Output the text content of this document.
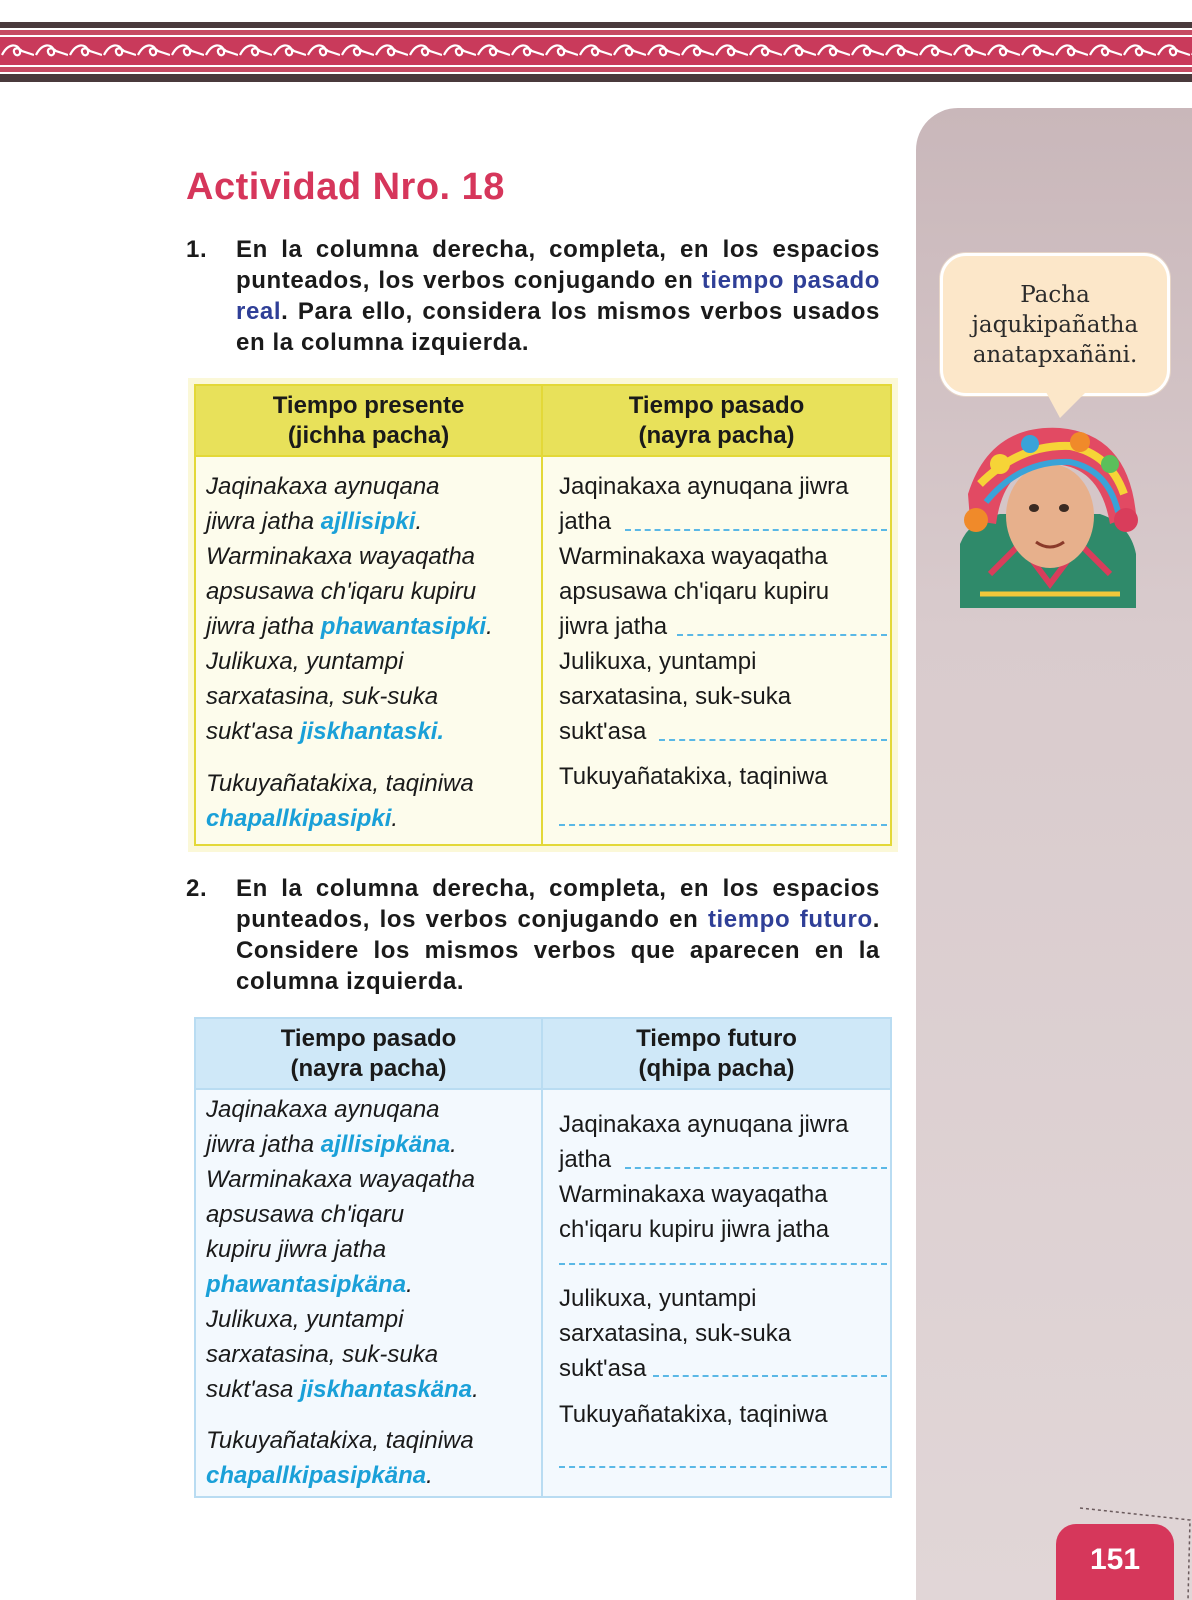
Pacha

jaqukipañatha

anatapxañäni.

Actividad Nro. 18
1. En la columna derecha, completa, en los espacios punteados, los verbos conjugando en tiempo pasado real. Para ello, considera los mismos verbos usados en la columna izquierda.
Tiempo presente
(jichha pacha)
Tiempo pasado
(nayra pacha)
Jaqinakaxa aynuqana
jiwra jatha ajllisipki.
Warminakaxa wayaqatha
apsusawa ch'iqaru kupiru
jiwra jatha phawantasipki.
Julikuxa, yuntampi
sarxatasina, suk-suka
sukt'asa jiskhantaski.
Tukuyañatakixa, taqiniwa
chapallkipasipki.
Jaqinakaxa aynuqana jiwra
jatha
Warminakaxa wayaqatha
apsusawa ch'iqaru kupiru
jiwra jatha
Julikuxa, yuntampi
sarxatasina, suk-suka
sukt'asa
Tukuyañatakixa, taqiniwa
2. En la columna derecha, completa, en los espacios punteados, los verbos conjugando en tiempo futuro. Considere los mismos verbos que aparecen en la columna izquierda.
Tiempo pasado
(nayra pacha)
Tiempo futuro
(qhipa pacha)
Jaqinakaxa aynuqana
jiwra jatha ajllisipkäna.
Warminakaxa wayaqatha
apsusawa ch'iqaru
kupiru jiwra jatha
phawantasipkäna.
Julikuxa, yuntampi
sarxatasina, suk-suka
sukt'asa jiskhantaskäna.
Tukuyañatakixa, taqiniwa
chapallkipasipkäna.
Jaqinakaxa aynuqana jiwra
jatha
Warminakaxa wayaqatha
ch'iqaru kupiru jiwra jatha
Julikuxa, yuntampi
sarxatasina, suk-suka
sukt'asa
Tukuyañatakixa, taqiniwa
151
